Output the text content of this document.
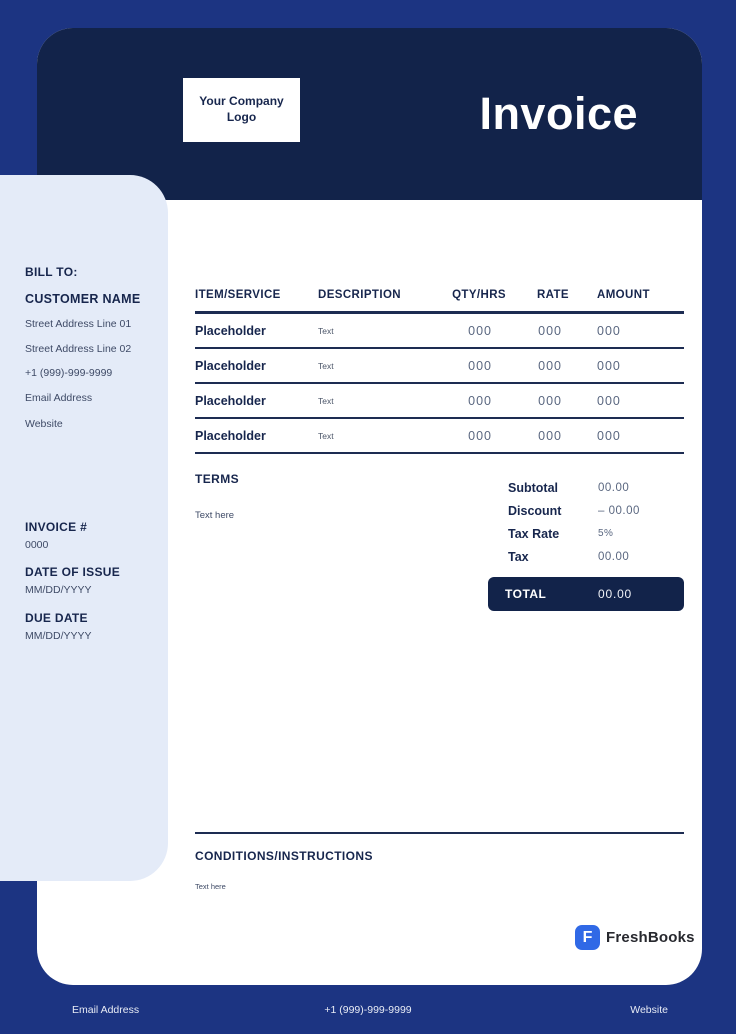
Your Company Logo	Invoice
ITEM/SERVICE	DESCRIPTION	QTY/HRS	RATE	AMOUNT
Placeholder	Text	000	000	000
Placeholder	Text	000	000	000
Placeholder	Text	000	000	000
Placeholder	Text	000	000	000
TERMS
Text here
Subtotal	00.00
Discount	– 00.00
Tax Rate	5%
Tax	00.00
TOTAL	00.00
CONDITIONS/INSTRUCTIONS
Text here
F FreshBooks
BILL TO:
CUSTOMER NAME
Street Address Line 01
Street Address Line 02
+1 (999)-999-9999
Email Address
Website
INVOICE #
0000
DATE OF ISSUE
MM/DD/YYYY
DUE DATE
MM/DD/YYYY
Email Address	+1 (999)-999-9999	Website
